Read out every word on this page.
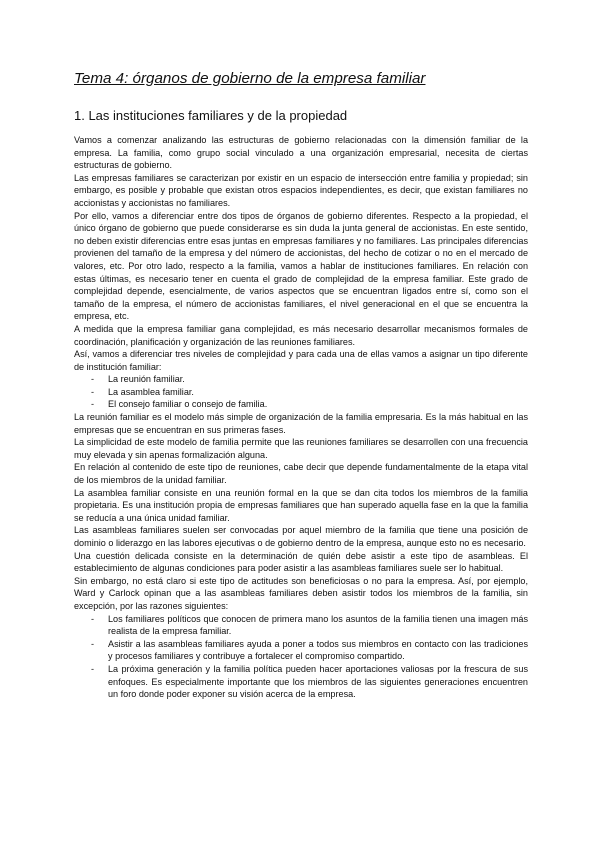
Tema 4: órganos de gobierno de la empresa familiar
1. Las instituciones familiares y de la propiedad

Vamos a comenzar analizando las estructuras de gobierno relacionadas con la dimensión familiar de la empresa. La familia, como grupo social vinculado a una organización empresarial, necesita de ciertas estructuras de gobierno.

Las empresas familiares se caracterizan por existir en un espacio de intersección entre familia y propiedad; sin embargo, es posible y probable que existan otros espacios independientes, es decir, que existan familiares no accionistas y accionistas no familiares.

Por ello, vamos a diferenciar entre dos tipos de órganos de gobierno diferentes. Respecto a la propiedad, el único órgano de gobierno que puede considerarse es sin duda la junta general de accionistas. En este sentido, no deben existir diferencias entre esas juntas en empresas familiares y no familiares. Las principales diferencias provienen del tamaño de la empresa y del número de accionistas, del hecho de cotizar o no en el mercado de valores, etc. Por otro lado, respecto a la familia, vamos a hablar de instituciones familiares. En relación con estas últimas, es necesario tener en cuenta el grado de complejidad de la empresa familiar. Este grado de complejidad depende, esencialmente, de varios aspectos que se encuentran ligados entre sí, como son el tamaño de la empresa, el número de accionistas familiares, el nivel generacional en el que se encuentra la empresa, etc.

A medida que la empresa familiar gana complejidad, es más necesario desarrollar mecanismos formales de coordinación, planificación y organización de las reuniones familiares.

Así, vamos a diferenciar tres niveles de complejidad y para cada una de ellas vamos a asignar un tipo diferente de institución familiar:

- La reunión familiar.
- La asamblea familiar.
- El consejo familiar o consejo de familia.

La reunión familiar es el modelo más simple de organización de la familia empresaria. Es la más habitual en las empresas que se encuentran en sus primeras fases.

La simplicidad de este modelo de familia permite que las reuniones familiares se desarrollen con una frecuencia muy elevada y sin apenas formalización alguna.

En relación al contenido de este tipo de reuniones, cabe decir que depende fundamentalmente de la etapa vital de los miembros de la unidad familiar.

La asamblea familiar consiste en una reunión formal en la que se dan cita todos los miembros de la familia propietaria. Es una institución propia de empresas familiares que han superado aquella fase en la que la familia se reducía a una única unidad familiar.

Las asambleas familiares suelen ser convocadas por aquel miembro de la familia que tiene una posición de dominio o liderazgo en las labores ejecutivas o de gobierno dentro de la empresa, aunque esto no es necesario.

Una cuestión delicada consiste en la determinación de quién debe asistir a este tipo de asambleas. El establecimiento de algunas condiciones para poder asistir a las asambleas familiares suele ser lo habitual.

Sin embargo, no está claro si este tipo de actitudes son beneficiosas o no para la empresa. Así, por ejemplo, Ward y Carlock opinan que a las asambleas familiares deben asistir todos los miembros de la familia, sin excepción, por las razones siguientes:

- Los familiares políticos que conocen de primera mano los asuntos de la familia tienen una imagen más realista de la empresa familiar.
- Asistir a las asambleas familiares ayuda a poner a todos sus miembros en contacto con las tradiciones y procesos familiares y contribuye a fortalecer el compromiso compartido.
- La próxima generación y la familia política pueden hacer aportaciones valiosas por la frescura de sus enfoques. Es especialmente importante que los miembros de las siguientes generaciones encuentren un foro donde poder exponer su visión acerca de la empresa.
